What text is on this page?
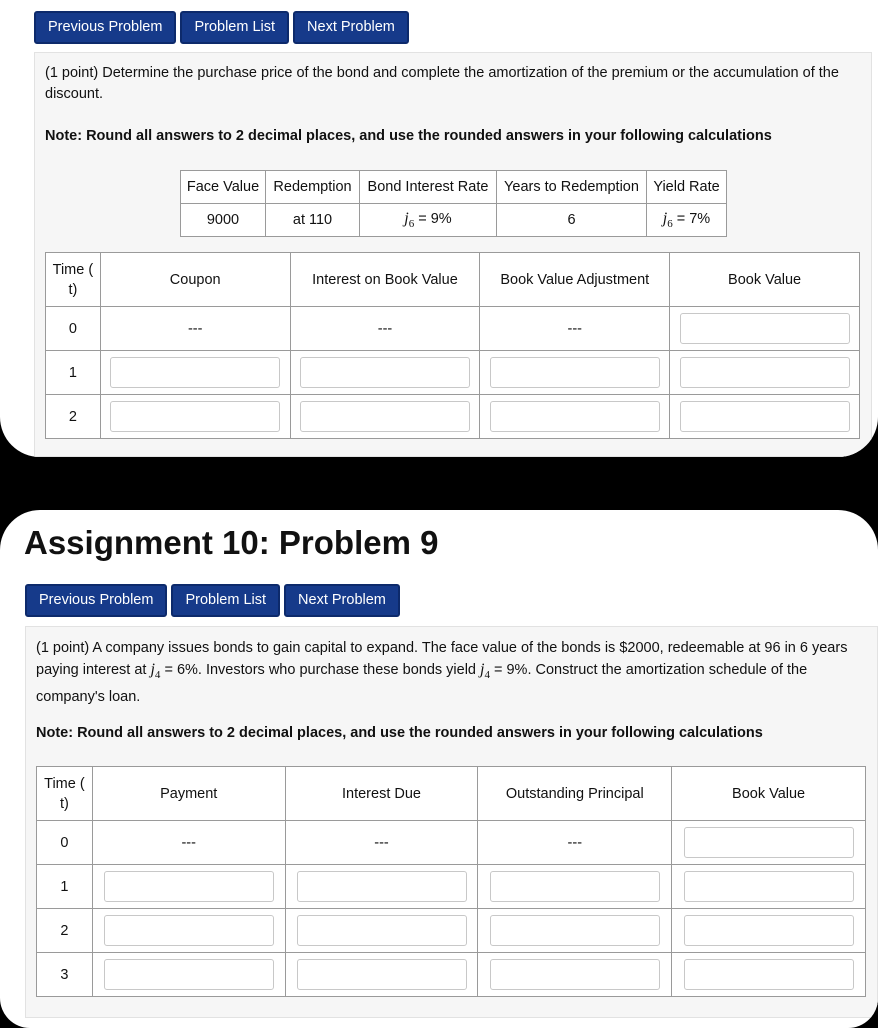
Previous Problem	Problem List	Next Problem

(1 point) Determine the purchase price of the bond and complete the amortization of the premium or the accumulation of the discount.

Note: Round all answers to 2 decimal places, and use the rounded answers in your following calculations

Face Value	Redemption	Bond Interest Rate	Years to Redemption	Yield Rate
9000	at 110	$j_6 = 9\%$	6	$j_6 = 7\%$
Time (
t)	Coupon	Interest on Book Value	Book Value Adjustment	Book Value
0	---	---	---	

1	

2	

Assignment 10: Problem 9
Previous Problem	Problem List	Next Problem

(1 point) A company issues bonds to gain capital to expand. The face value of the bonds is $2000, redeemable at 96 in 6 years paying interest at $j_4 = 6\%$. Investors who purchase these bonds yield $j_4 = 9\%$. Construct the amortization schedule of the company's loan.

Note: Round all answers to 2 decimal places, and use the rounded answers in your following calculations

Time (
t)	Payment	Interest Due	Outstanding Principal	Book Value
0	---	---	---	

1	

2	

3	
